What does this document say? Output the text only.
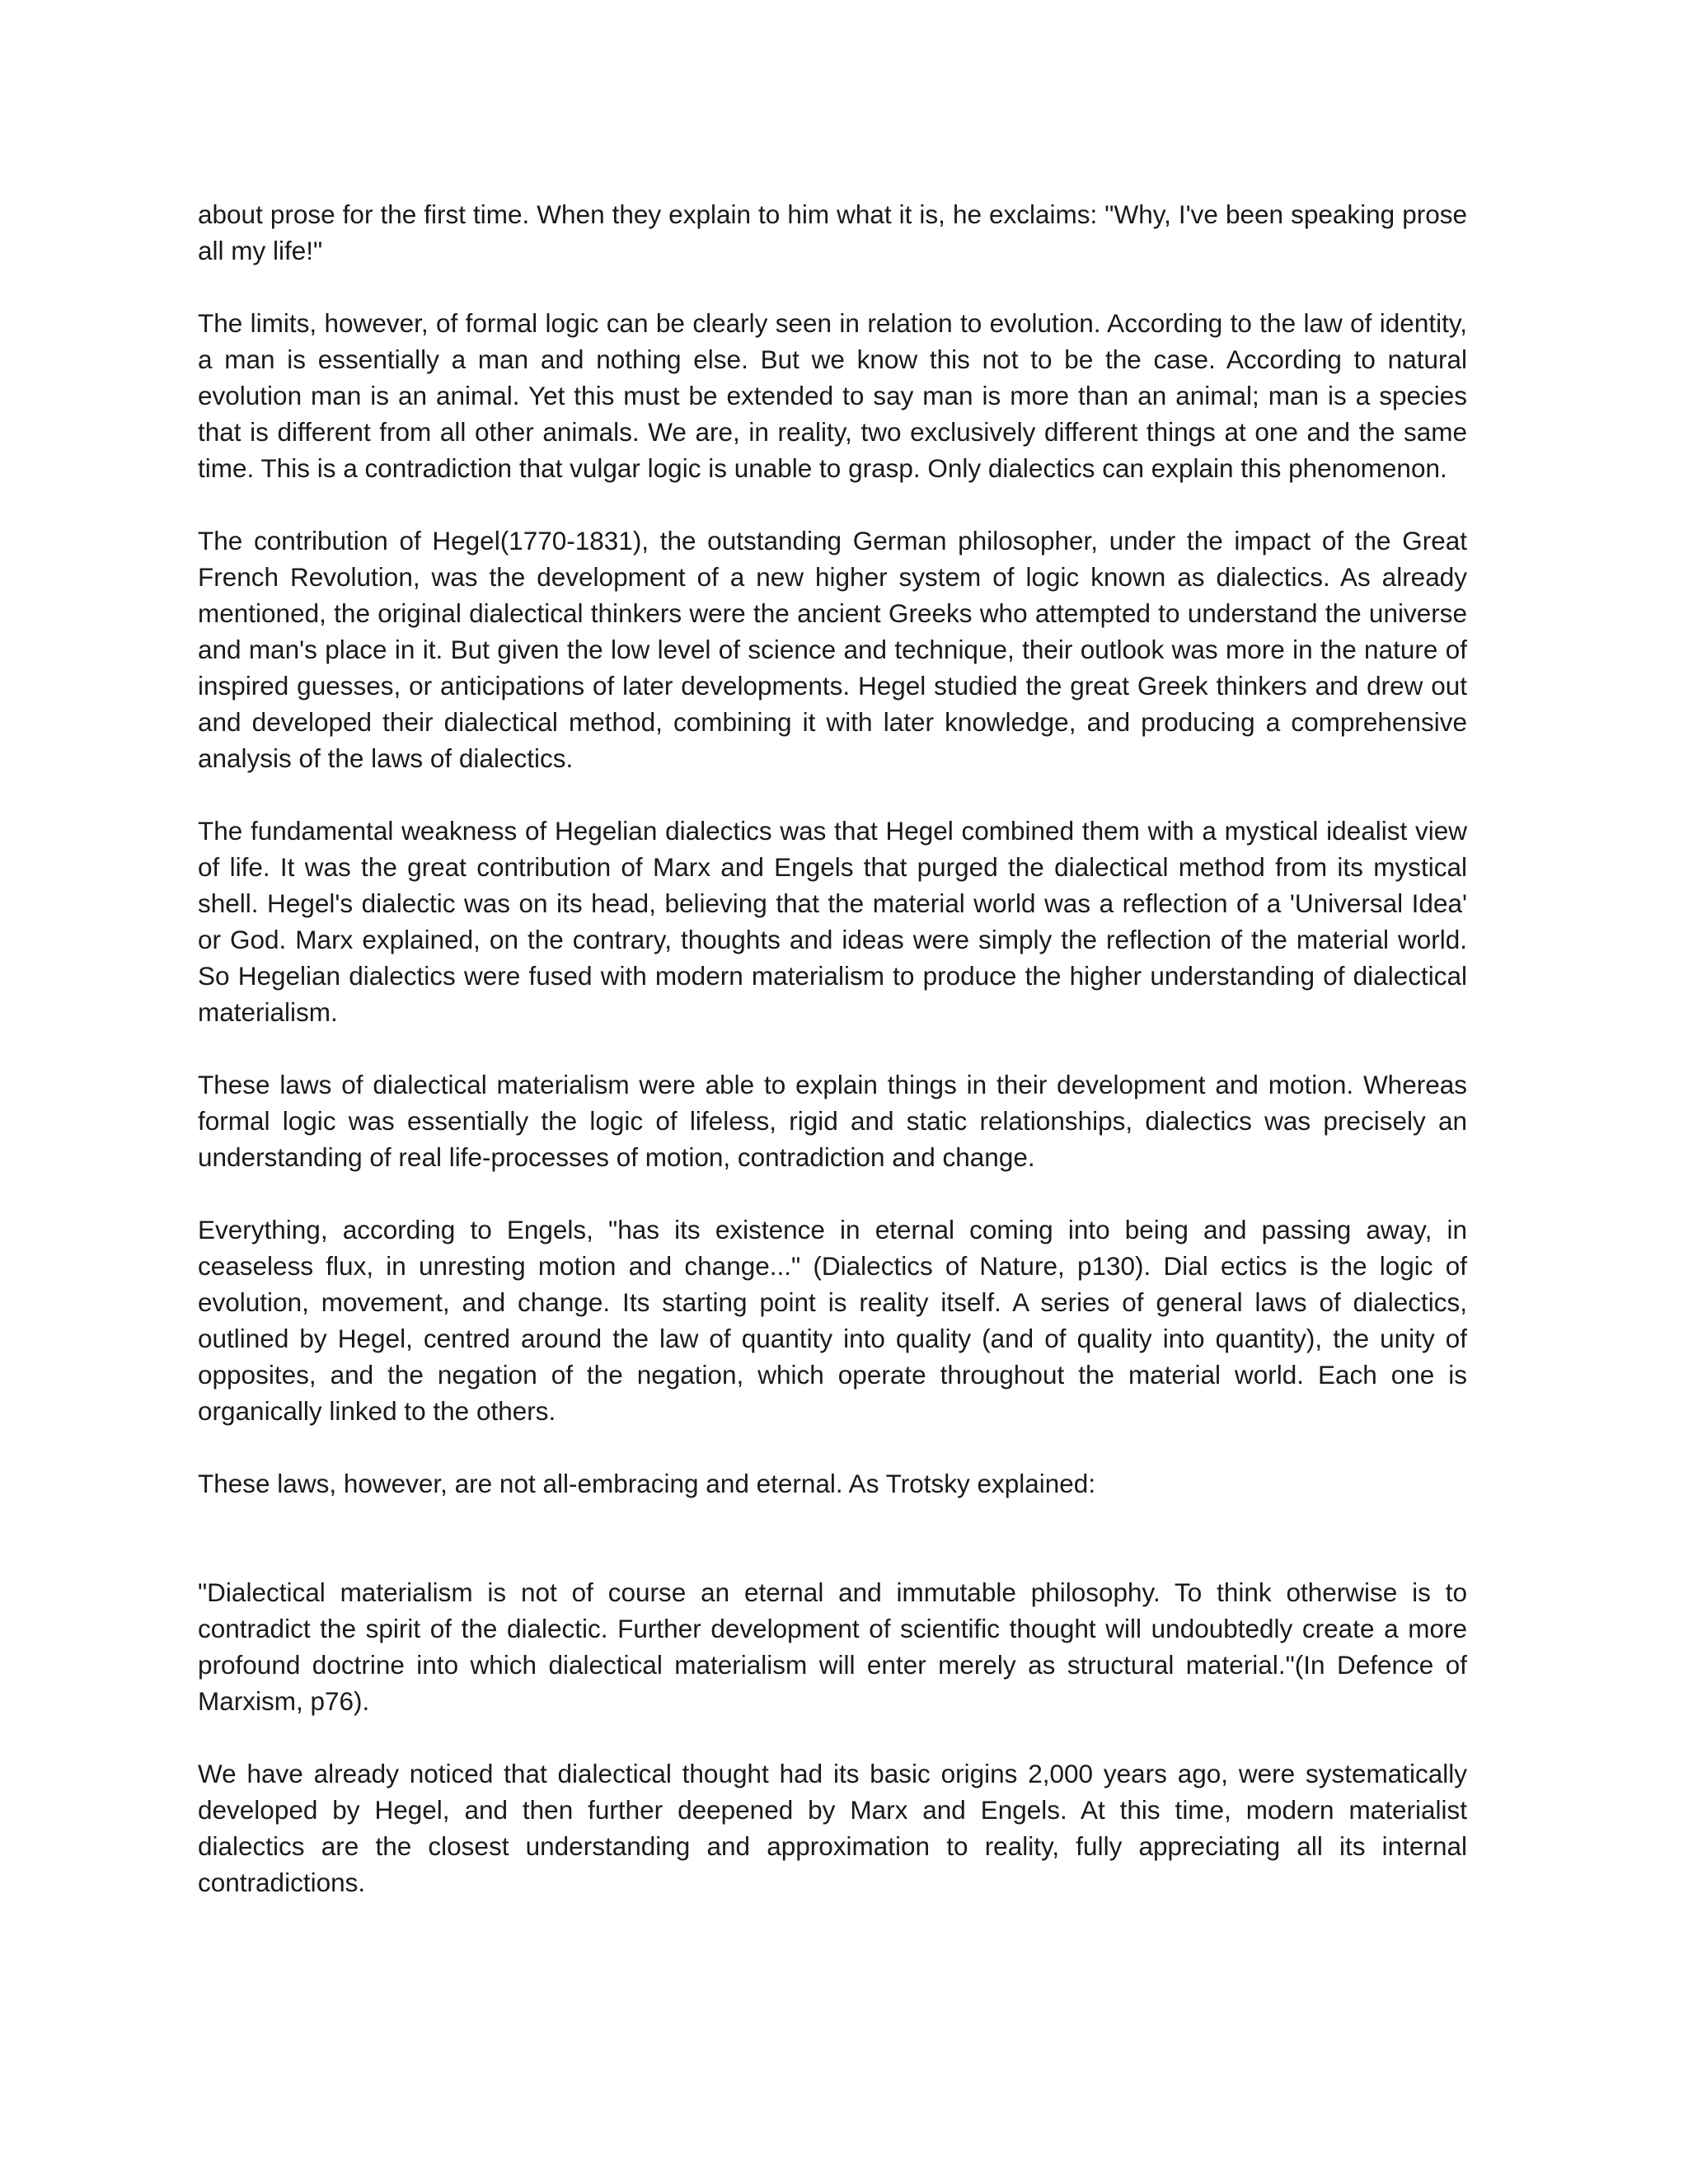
about prose for the first time. When they explain to him what it is, he exclaims: "Why, I've been speaking prose all my life!"

The limits, however, of formal logic can be clearly seen in relation to evolution. According to the law of identity, a man is essentially a man and nothing else. But we know this not to be the case. According to natural evolution man is an animal. Yet this must be extended to say man is more than an animal; man is a species that is different from all other animals. We are, in reality, two exclusively different things at one and the same time. This is a contradiction that vulgar logic is unable to grasp. Only dialectics can explain this phenomenon.

The contribution of Hegel(1770-1831), the outstanding German philosopher, under the impact of the Great French Revolution, was the development of a new higher system of logic known as dialectics. As already mentioned, the original dialectical thinkers were the ancient Greeks who attempted to understand the universe and man's place in it. But given the low level of science and technique, their outlook was more in the nature of inspired guesses, or anticipations of later developments. Hegel studied the great Greek thinkers and drew out and developed their dialectical method, combining it with later knowledge, and producing a comprehensive analysis of the laws of dialectics.

The fundamental weakness of Hegelian dialectics was that Hegel combined them with a mystical idealist view of life. It was the great contribution of Marx and Engels that purged the dialectical method from its mystical shell. Hegel's dialectic was on its head, believing that the material world was a reflection of a 'Universal Idea' or God. Marx explained, on the contrary, thoughts and ideas were simply the reflection of the material world. So Hegelian dialectics were fused with modern materialism to produce the higher understanding of dialectical materialism.

These laws of dialectical materialism were able to explain things in their development and motion. Whereas formal logic was essentially the logic of lifeless, rigid and static relationships, dialectics was precisely an understanding of real life-processes of motion, contradiction and change.

Everything, according to Engels, "has its existence in eternal coming into being and passing away, in ceaseless flux, in unresting motion and change..." (Dialectics of Nature, p130). Dial ectics is the logic of evolution, movement, and change. Its starting point is reality itself. A series of general laws of dialectics, outlined by Hegel, centred around the law of quantity into quality (and of quality into quantity), the unity of opposites, and the negation of the negation, which operate throughout the material world. Each one is organically linked to the others.

These laws, however, are not all-embracing and eternal. As Trotsky explained:

"Dialectical materialism is not of course an eternal and immutable philosophy. To think otherwise is to contradict the spirit of the dialectic. Further development of scientific thought will undoubtedly create a more profound doctrine into which dialectical materialism will enter merely as structural material."(In Defence of Marxism, p76).

We have already noticed that dialectical thought had its basic origins 2,000 years ago, were systematically developed by Hegel, and then further deepened by Marx and Engels. At this time, modern materialist dialectics are the closest understanding and approximation to reality, fully appreciating all its internal contradictions.
